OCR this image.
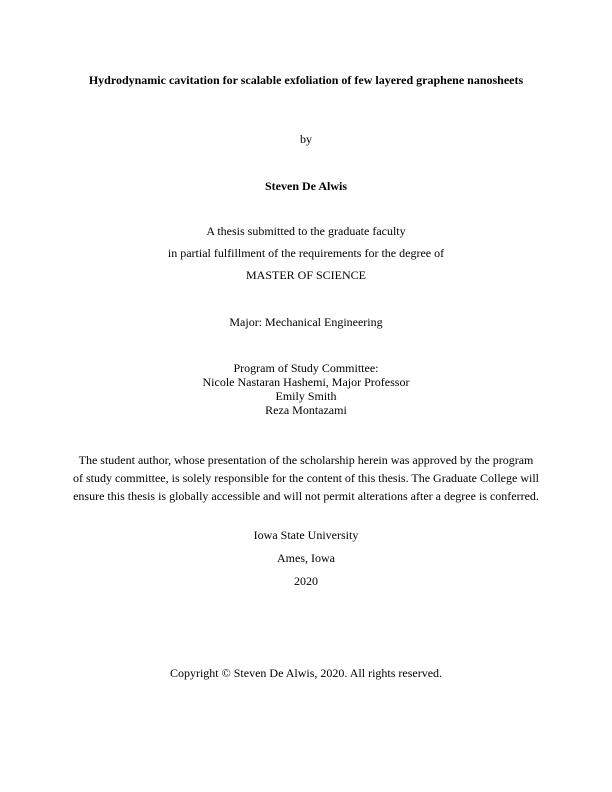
Hydrodynamic cavitation for scalable exfoliation of few layered graphene nanosheets
by
Steven De Alwis
A thesis submitted to the graduate faculty
in partial fulfillment of the requirements for the degree of
MASTER OF SCIENCE
Major: Mechanical Engineering
Program of Study Committee:
Nicole Nastaran Hashemi, Major Professor
Emily Smith
Reza Montazami
The student author, whose presentation of the scholarship herein was approved by the program
of study committee, is solely responsible for the content of this thesis. The Graduate College will
ensure this thesis is globally accessible and will not permit alterations after a degree is conferred.
Iowa State University
Ames, Iowa
2020
Copyright © Steven De Alwis, 2020. All rights reserved.
